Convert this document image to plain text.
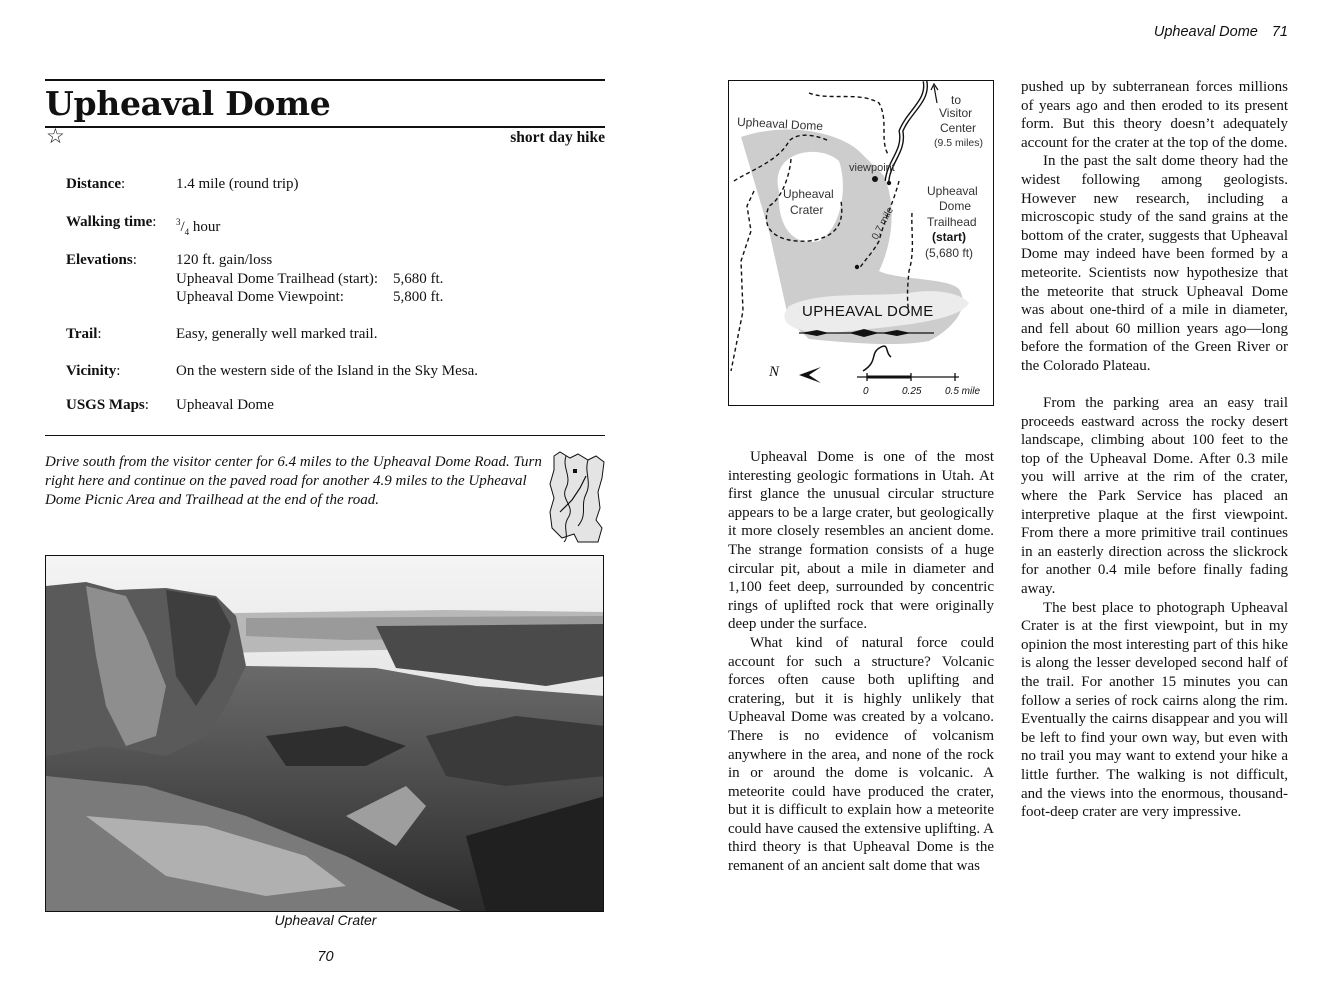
Upheaval Dome
☆	short day hike
Distance:	1.4 mile (round trip)
Walking time: $^3/_4$ hour
Elevations:	120 ft. gain/loss
Upheaval Dome Trailhead (start): 5,680 ft.
Upheaval Dome Viewpoint:	5,800 ft.
Trail:	Easy, generally well marked trail.
Vicinity:	On the western side of the Island in the Sky Mesa.
USGS Maps: Upheaval Dome
Drive south from the visitor center for 6.4 miles to the Upheaval Dome Road. Turn right here and continue on the paved road for another 4.9 miles to the Upheaval Dome Picnic Area and Trailhead at the end of the road.
Upheaval Crater
70
Upheaval Dome 71
to
Visitor
Center
(9.5 miles)
Upheaval Dome
viewpoint
Upheaval
Crater
Upheaval
Dome
Trailhead
(start)
(5,680 ft)
0.7 mile
UPHEAVAL DOME
N
0	0.25 0.5 mile

Upheaval Dome is one of the most interesting geologic formations in Utah. At first glance the unusual circular structure appears to be a large crater, but geologically it more closely resembles an ancient dome. The strange formation consists of a huge circular pit, about a mile in diameter and 1,100 feet deep, surrounded by concentric rings of uplifted rock that were originally deep under the surface.

What kind of natural force could account for such a structure? Volcanic forces often cause both uplifting and cratering, but it is highly unlikely that Upheaval Dome was created by a volcano. There is no evidence of volcanism anywhere in the area, and none of the rock in or around the dome is volcanic. A meteorite could have produced the crater, but it is difficult to explain how a meteorite could have caused the extensive uplifting. A third theory is that Upheaval Dome is the remanent of an ancient salt dome that was

pushed up by subterranean forces millions of years ago and then eroded to its present form. But this theory doesn’t adequately account for the crater at the top of the dome.

In the past the salt dome theory had the widest following among geologists. However new research, including a microscopic study of the sand grains at the bottom of the crater, suggests that Upheaval Dome may indeed have been formed by a meteorite. Scientists now hypothesize that the meteorite that struck Upheaval Dome was about one-third of a mile in diameter, and fell about 60 million years ago—long before the formation of the Green River or the Colorado Plateau.

From the parking area an easy trail proceeds eastward across the rocky desert landscape, climbing about 100 feet to the top of the Upheaval Dome. After 0.3 mile you will arrive at the rim of the crater, where the Park Service has placed an interpretive plaque at the first viewpoint. From there a more primitive trail continues in an easterly direction across the slickrock for another 0.4 mile before finally fading away.

The best place to photograph Upheaval Crater is at the first viewpoint, but in my opinion the most interesting part of this hike is along the lesser developed second half of the trail. For another 15 minutes you can follow a series of rock cairns along the rim. Eventually the cairns disappear and you will be left to find your own way, but even with no trail you may want to extend your hike a little further. The walking is not difficult, and the views into the enormous, thousand-foot-deep crater are very impressive.
